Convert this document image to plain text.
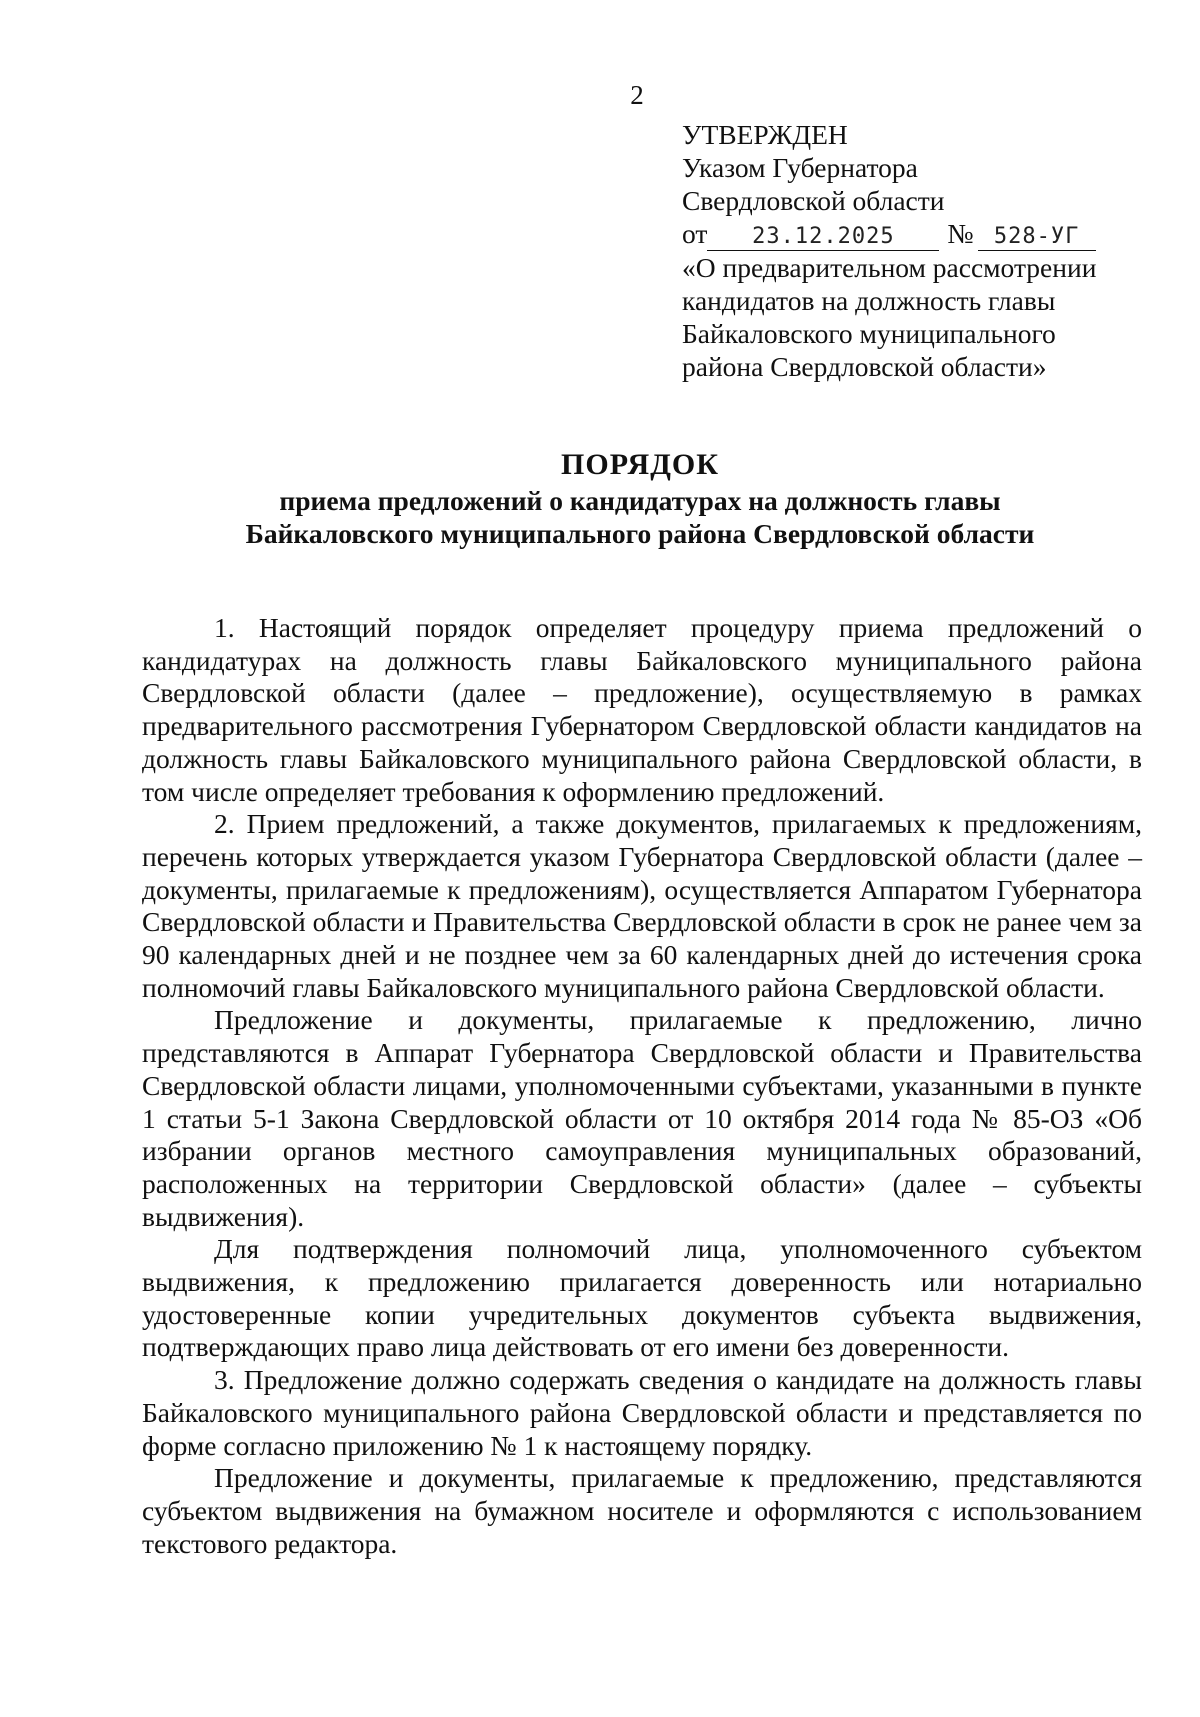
2
УТВЕРЖДЕН
Указом Губернатора
Свердловской области
от 23.12.2025 № 528-УГ
«О предварительном рассмотрении
кандидатов на должность главы
Байкаловского муниципального
района Свердловской области»
ПОРЯДОК
приема предложений о кандидатурах на должность главы
Байкаловского муниципального района Свердловской области

1. Настоящий порядок определяет процедуру приема предложений о кандидатурах на должность главы Байкаловского муниципального района Свердловской области (далее – предложение), осуществляемую в рамках предварительного рассмотрения Губернатором Свердловской области кандидатов на должность главы Байкаловского муниципального района Свердловской области, в том числе определяет требования к оформлению предложений.

2. Прием предложений, а также документов, прилагаемых к предложениям, перечень которых утверждается указом Губернатора Свердловской области (далее – документы, прилагаемые к предложениям), осуществляется Аппаратом Губернатора Свердловской области и Правительства Свердловской области в срок не ранее чем за 90 календарных дней и не позднее чем за 60 календарных дней до истечения срока полномочий главы Байкаловского муниципального района Свердловской области.

Предложение и документы, прилагаемые к предложению, лично представляются в Аппарат Губернатора Свердловской области и Правительства Свердловской области лицами, уполномоченными субъектами, указанными в пункте 1 статьи 5-1 Закона Свердловской области от 10 октября 2014 года № 85-ОЗ «Об избрании органов местного самоуправления муниципальных образований, расположенных на территории Свердловской области» (далее – субъекты выдвижения).

Для подтверждения полномочий лица, уполномоченного субъектом выдвижения, к предложению прилагается доверенность или нотариально удостоверенные копии учредительных документов субъекта выдвижения, подтверждающих право лица действовать от его имени без доверенности.

3. Предложение должно содержать сведения о кандидате на должность главы Байкаловского муниципального района Свердловской области и представляется по форме согласно приложению № 1 к настоящему порядку.

Предложение и документы, прилагаемые к предложению, представляются субъектом выдвижения на бумажном носителе и оформляются с использованием текстового редактора.
